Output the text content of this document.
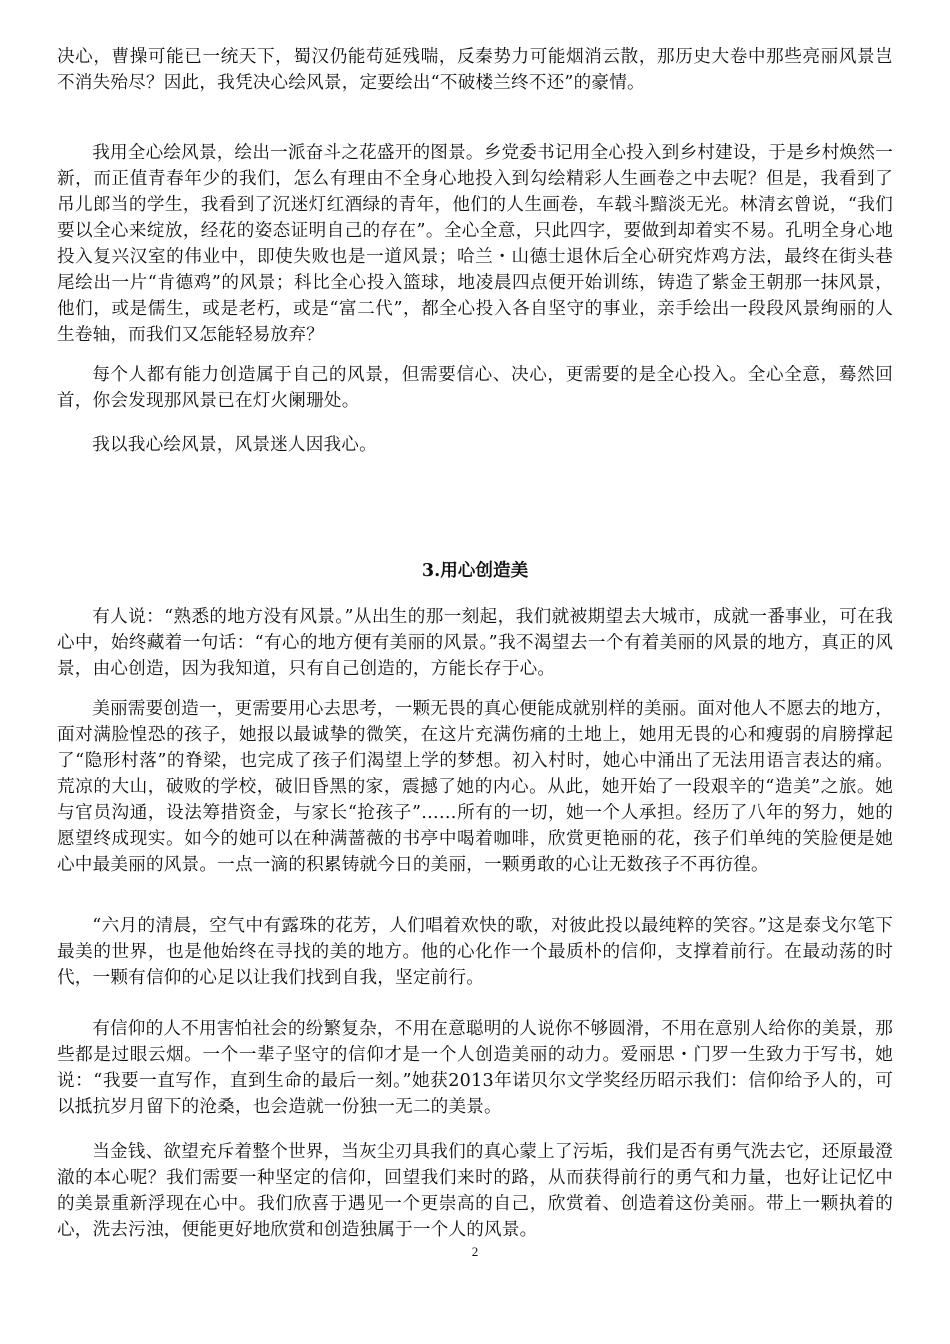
决心，曹操可能已一统天下，蜀汉仍能苟延残喘，反秦势力可能烟消云散，那历史大卷中那些亮丽风景岂不消失殆尽？因此，我凭决心绘风景，定要绘出“不破楼兰终不还”的豪情。

我用全心绘风景，绘出一派奋斗之花盛开的图景。乡党委书记用全心投入到乡村建设，于是乡村焕然一新，而正值青春年少的我们，怎么有理由不全身心地投入到勾绘精彩人生画卷之中去呢？但是，我看到了吊儿郎当的学生，我看到了沉迷灯红酒绿的青年，他们的人生画卷，车载斗黯淡无光。林清玄曾说，“我们要以全心来绽放，经花的姿态证明自己的存在”。全心全意，只此四字，要做到却着实不易。孔明全身心地投入复兴汉室的伟业中，即使失败也是一道风景；哈兰・山德士退休后全心研究炸鸡方法，最终在街头巷尾绘出一片“肯德鸡”的风景；科比全心投入篮球，地凌晨四点便开始训练，铸造了紫金王朝那一抹风景，他们，或是儒生，或是老朽，或是“富二代”，都全心投入各自坚守的事业，亲手绘出一段段风景绚丽的人生卷轴，而我们又怎能轻易放弃？

每个人都有能力创造属于自己的风景，但需要信心、决心，更需要的是全心投入。全心全意，蓦然回首，你会发现那风景已在灯火阑珊处。

我以我心绘风景，风景迷人因我心。

3.用心创造美

有人说：“熟悉的地方没有风景。”从出生的那一刻起，我们就被期望去大城市，成就一番事业，可在我心中，始终藏着一句话：“有心的地方便有美丽的风景。”我不渴望去一个有着美丽的风景的地方，真正的风景，由心创造，因为我知道，只有自己创造的，方能长存于心。

美丽需要创造一，更需要用心去思考，一颗无畏的真心便能成就别样的美丽。面对他人不愿去的地方，面对满脸惶恐的孩子，她报以最诚挚的微笑，在这片充满伤痛的土地上，她用无畏的心和瘦弱的肩膀撑起了“隐形村落”的脊梁，也完成了孩子们渴望上学的梦想。初入村时，她心中涌出了无法用语言表达的痛。荒凉的大山，破败的学校，破旧昏黑的家，震撼了她的内心。从此，她开始了一段艰辛的“造美”之旅。她与官员沟通，设法筹措资金，与家长“抢孩子”……所有的一切，她一个人承担。经历了八年的努力，她的愿望终成现实。如今的她可以在种满蔷薇的书亭中喝着咖啡，欣赏更艳丽的花，孩子们单纯的笑脸便是她心中最美丽的风景。一点一滴的积累铸就今日的美丽，一颗勇敢的心让无数孩子不再彷徨。

“六月的清晨，空气中有露珠的花芳，人们唱着欢快的歌，对彼此投以最纯粹的笑容。”这是泰戈尔笔下最美的世界，也是他始终在寻找的美的地方。他的心化作一个最质朴的信仰，支撑着前行。在最动荡的时代，一颗有信仰的心足以让我们找到自我，坚定前行。

有信仰的人不用害怕社会的纷繁复杂，不用在意聪明的人说你不够圆滑，不用在意别人给你的美景，那些都是过眼云烟。一个一辈子坚守的信仰才是一个人创造美丽的动力。爱丽思・门罗一生致力于写书，她说：“我要一直写作，直到生命的最后一刻。”她获2013年诺贝尔文学奖经历昭示我们：信仰给予人的，可以抵抗岁月留下的沧桑，也会造就一份独一无二的美景。

当金钱、欲望充斥着整个世界，当灰尘刃具我们的真心蒙上了污垢，我们是否有勇气洗去它，还原最澄澈的本心呢？我们需要一种坚定的信仰，回望我们来时的路，从而获得前行的勇气和力量，也好让记忆中的美景重新浮现在心中。我们欣喜于遇见一个更崇高的自己，欣赏着、创造着这份美丽。带上一颗执着的心，洗去污浊，便能更好地欣赏和创造独属于一个人的风景。

2
